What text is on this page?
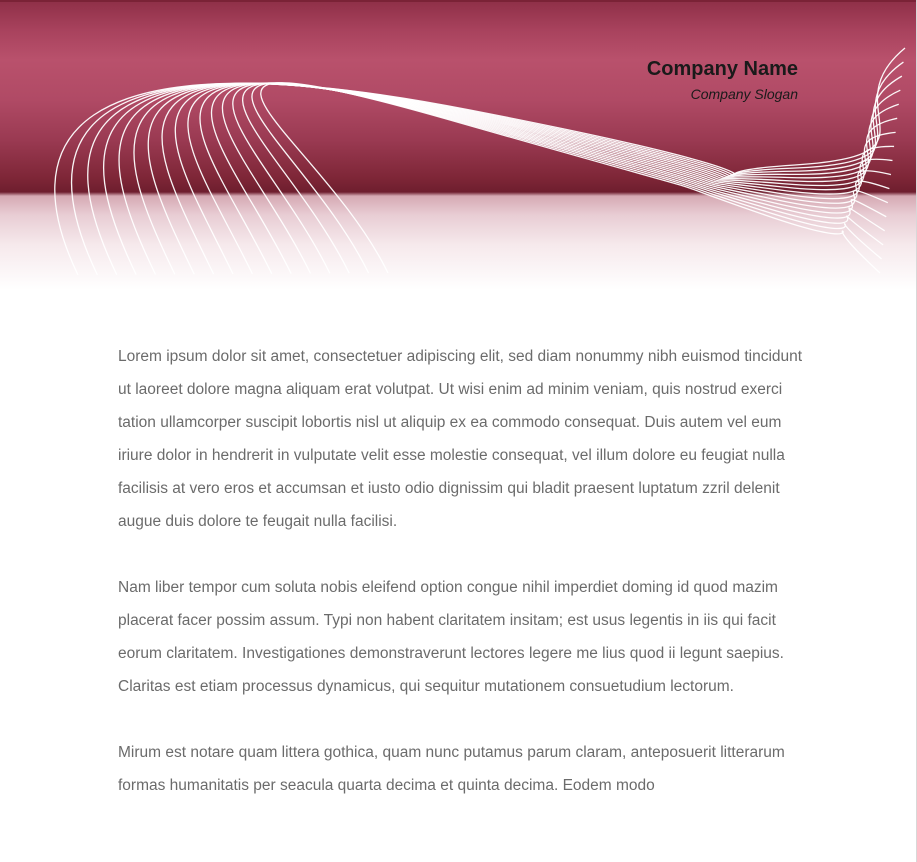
Company Name
Company Slogan

Lorem ipsum dolor sit amet, consectetuer adipiscing elit, sed diam nonummy nibh euismod tincidunt ut laoreet dolore magna aliquam erat volutpat. Ut wisi enim ad minim veniam, quis nostrud exerci tation ullamcorper suscipit lobortis nisl ut aliquip ex ea commodo consequat. Duis autem vel eum iriure dolor in hendrerit in vulputate velit esse molestie consequat, vel illum dolore eu feugiat nulla facilisis at vero eros et accumsan et iusto odio dignissim qui bladit praesent luptatum zzril delenit augue duis dolore te feugait nulla facilisi.

Nam liber tempor cum soluta nobis eleifend option congue nihil imperdiet doming id quod mazim placerat facer possim assum. Typi non habent claritatem insitam; est usus legentis in iis qui facit eorum claritatem. Investigationes demonstraverunt lectores legere me lius quod ii legunt saepius. Claritas est etiam processus dynamicus, qui sequitur mutationem consuetudium lectorum.

Mirum est notare quam littera gothica, quam nunc putamus parum claram, anteposuerit litterarum formas humanitatis per seacula quarta decima et quinta decima. Eodem modo
